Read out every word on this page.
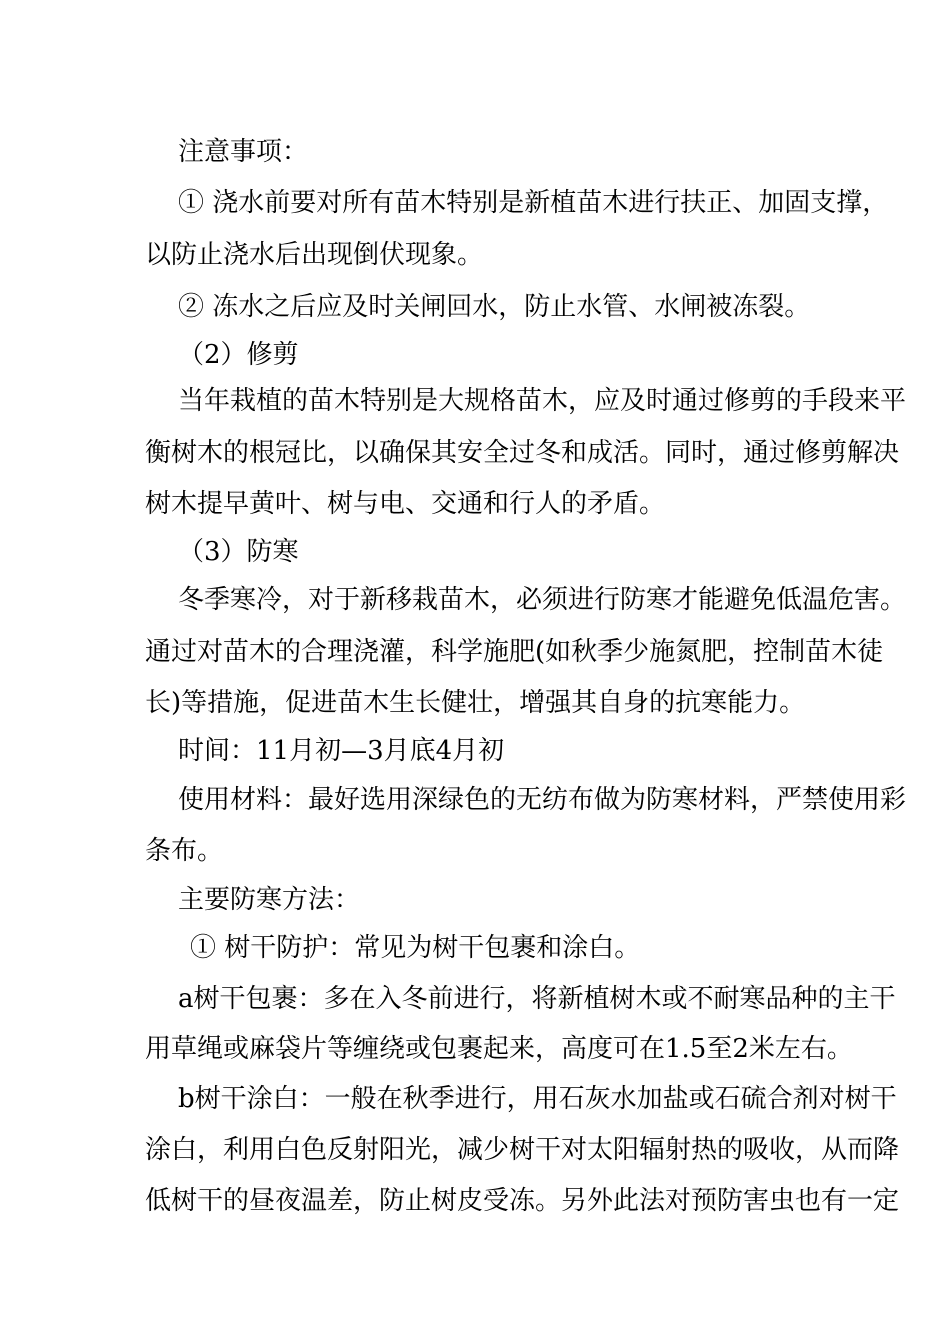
注意事项：
① 浇水前要对所有苗木特别是新植苗木进行扶正、加固支撑，
以防止浇水后出现倒伏现象。
② 冻水之后应及时关闸回水，防止水管、水闸被冻裂。
（2）修剪
当年栽植的苗木特别是大规格苗木，应及时通过修剪的手段来平
衡树木的根冠比，以确保其安全过冬和成活。同时，通过修剪解决
树木提早黄叶、树与电、交通和行人的矛盾。
（3）防寒
冬季寒冷，对于新移栽苗木，必须进行防寒才能避免低温危害。
通过对苗木的合理浇灌，科学施肥(如秋季少施氮肥，控制苗木徒
长)等措施，促进苗木生长健壮，增强其自身的抗寒能力。
时间：11月初—3月底4月初
使用材料：最好选用深绿色的无纺布做为防寒材料，严禁使用彩
条布。
主要防寒方法：
① 树干防护：常见为树干包裹和涂白。
a树干包裹：多在入冬前进行，将新植树木或不耐寒品种的主干
用草绳或麻袋片等缠绕或包裹起来，高度可在1.5至2米左右。
b树干涂白：一般在秋季进行，用石灰水加盐或石硫合剂对树干
涂白，利用白色反射阳光，减少树干对太阳辐射热的吸收，从而降
低树干的昼夜温差，防止树皮受冻。另外此法对预防害虫也有一定
